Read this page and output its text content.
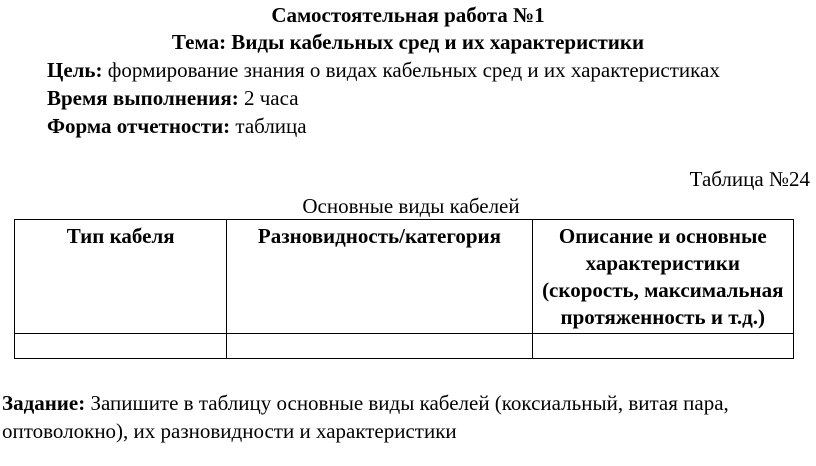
Самостоятельная работа №1
Тема: Виды кабельных сред и их характеристики
Цель: формирование знания о видах кабельных сред и их характеристиках
Время выполнения: 2 часа
Форма отчетности: таблица
Таблица №24
Основные виды кабелей
Тип кабеля	Разновидность/категория	Описание и основные характеристики (скорость, максимальная протяженность и т.д.)

Задание: Запишите в таблицу основные виды кабелей (коксиальный, витая пара, оптоволокно), их разновидности и характеристики
